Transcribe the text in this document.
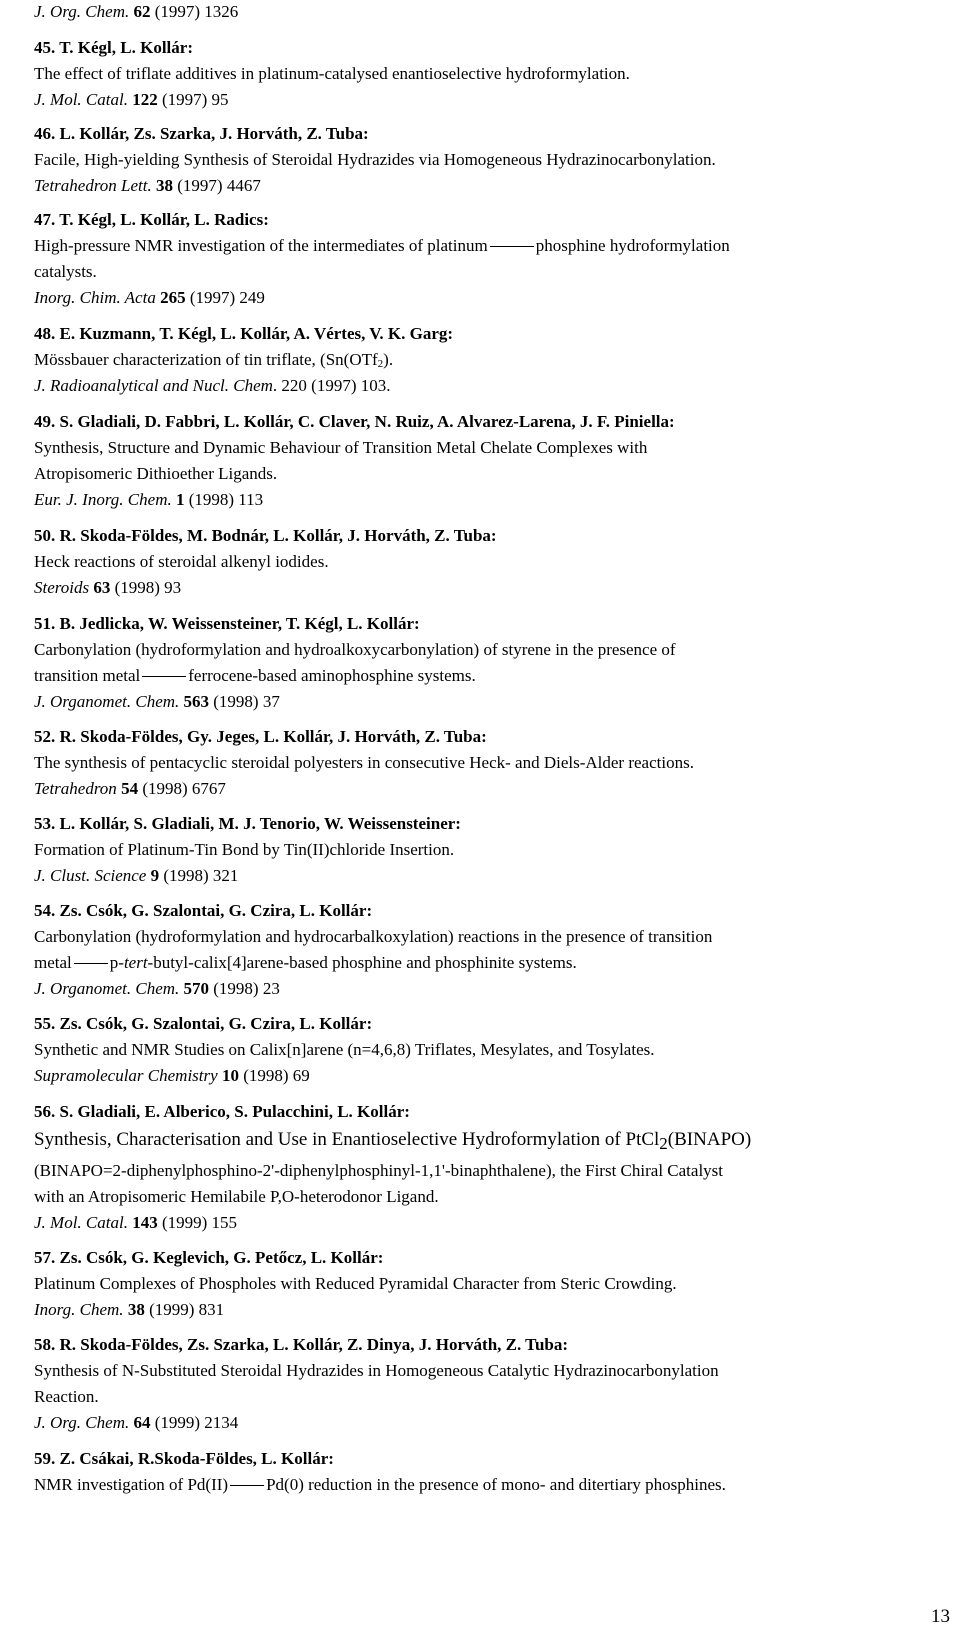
J. Org. Chem. 62 (1997) 1326
45. T. Kégl, L. Kollár:
The effect of triflate additives in platinum-catalysed enantioselective hydroformylation.
J. Mol. Catal. 122 (1997) 95
46. L. Kollár, Zs. Szarka, J. Horváth, Z. Tuba:
Facile, High-yielding Synthesis of Steroidal Hydrazides via Homogeneous Hydrazinocarbonylation.
Tetrahedron Lett. 38 (1997) 4467
47. T. Kégl, L. Kollár, L. Radics:
High-pressure NMR investigation of the intermediates of platinum	phosphine hydroformylation
catalysts.
Inorg. Chim. Acta 265 (1997) 249
48. E. Kuzmann, T. Kégl, L. Kollár, A. Vértes, V. K. Garg:
Mössbauer characterization of tin triflate, (Sn(OTf2).
J. Radioanalytical and Nucl. Chem. 220 (1997) 103.
49. S. Gladiali, D. Fabbri, L. Kollár, C. Claver, N. Ruiz, A. Alvarez-Larena, J. F. Piniella:
Synthesis, Structure and Dynamic Behaviour of Transition Metal Chelate Complexes with
Atropisomeric Dithioether Ligands.
Eur. J. Inorg. Chem. 1 (1998) 113
50. R. Skoda-Földes, M. Bodnár, L. Kollár, J. Horváth, Z. Tuba:
Heck reactions of steroidal alkenyl iodides.
Steroids 63 (1998) 93
51. B. Jedlicka, W. Weissensteiner, T. Kégl, L. Kollár:
Carbonylation (hydroformylation and hydroalkoxycarbonylation) of styrene in the presence of
transition metal	ferrocene-based aminophosphine systems.
J. Organomet. Chem. 563 (1998) 37
52. R. Skoda-Földes, Gy. Jeges, L. Kollár, J. Horváth, Z. Tuba:
The synthesis of pentacyclic steroidal polyesters in consecutive Heck- and Diels-Alder reactions.
Tetrahedron 54 (1998) 6767
53. L. Kollár, S. Gladiali, M. J. Tenorio, W. Weissensteiner:
Formation of Platinum-Tin Bond by Tin(II)chloride Insertion.
J. Clust. Science 9 (1998) 321
54. Zs. Csók, G. Szalontai, G. Czira, L. Kollár:
Carbonylation (hydroformylation and hydrocarbalkoxylation) reactions in the presence of transition
metal p-tert-butyl-calix[4]arene-based phosphine and phosphinite systems.
J. Organomet. Chem. 570 (1998) 23
55. Zs. Csók, G. Szalontai, G. Czira, L. Kollár:
Synthetic and NMR Studies on Calix[n]arene (n=4,6,8) Triflates, Mesylates, and Tosylates.
Supramolecular Chemistry 10 (1998) 69
56. S. Gladiali, E. Alberico, S. Pulacchini, L. Kollár:
Synthesis, Characterisation and Use in Enantioselective Hydroformylation of PtCl2(BINAPO)
(BINAPO=2-diphenylphosphino-2'-diphenylphosphinyl-1,1'-binaphthalene), the First Chiral Catalyst
with an Atropisomeric Hemilabile P,O-heterodonor Ligand.
J. Mol. Catal. 143 (1999) 155
57. Zs. Csók, G. Keglevich, G. Petőcz, L. Kollár:
Platinum Complexes of Phospholes with Reduced Pyramidal Character from Steric Crowding.
Inorg. Chem. 38 (1999) 831
58. R. Skoda-Földes, Zs. Szarka, L. Kollár, Z. Dinya, J. Horváth, Z. Tuba:
Synthesis of N-Substituted Steroidal Hydrazides in Homogeneous Catalytic Hydrazinocarbonylation
Reaction.
J. Org. Chem. 64 (1999) 2134
59. Z. Csákai, R.Skoda-Földes, L. Kollár:
NMR investigation of Pd(II) Pd(0) reduction in the presence of mono- and ditertiary phosphines.
13
